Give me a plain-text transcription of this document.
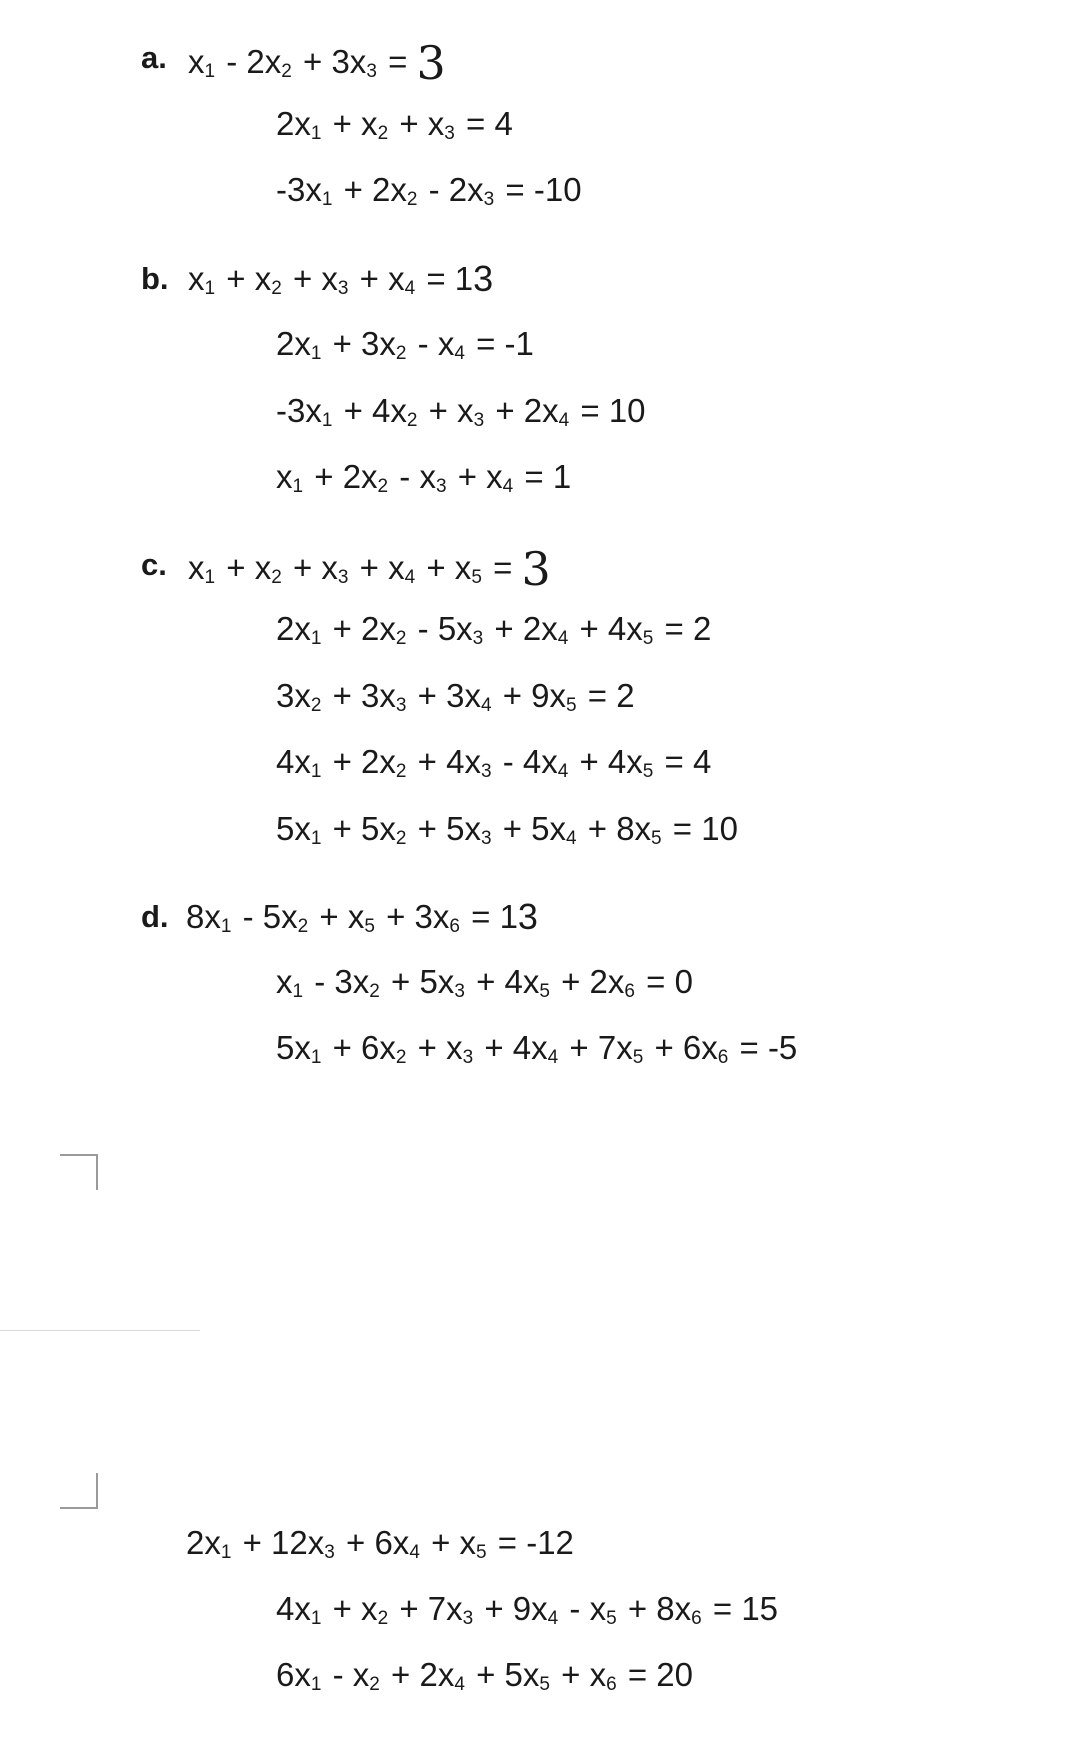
a. $x_1 - 2x_2 + 3x_3 = 3$
$2x_1 + x_2 + x_3 = 4$
$-3x_1 + 2x_2 - 2x_3 = -10$
b. $x_1 + x_2 + x_3 + x_4 = 13$
$2x_1 + 3x_2 - x_4 = -1$
$-3x_1 + 4x_2 + x_3 + 2x_4 = 10$
$x_1 + 2x_2 - x_3 + x_4 = 1$
c. $x_1 + x_2 + x_3 + x_4 + x_5 = 3$
$2x_1 + 2x_2 - 5x_3 + 2x_4 + 4x_5 = 2$
$3x_2 + 3x_3 + 3x_4 + 9x_5 = 2$
$4x_1 + 2x_2 + 4x_3 - 4x_4 + 4x_5 = 4$
$5x_1 + 5x_2 + 5x_3 + 5x_4 + 8x_5 = 10$
d. $8x_1 - 5x_2 + x_5 + 3x_6 = 13$
$x_1 - 3x_2 + 5x_3 + 4x_5 + 2x_6 = 0$
$5x_1 + 6x_2 + x_3 + 4x_4 + 7x_5 + 6x_6 = -5$
$2x_1 + 12x_3 + 6x_4 + x_5 = -12$
$4x_1 + x_2 + 7x_3 + 9x_4 - x_5 + 8x_6 = 15$
$6x_1 - x_2 + 2x_4 + 5x_5 + x_6 = 20$
